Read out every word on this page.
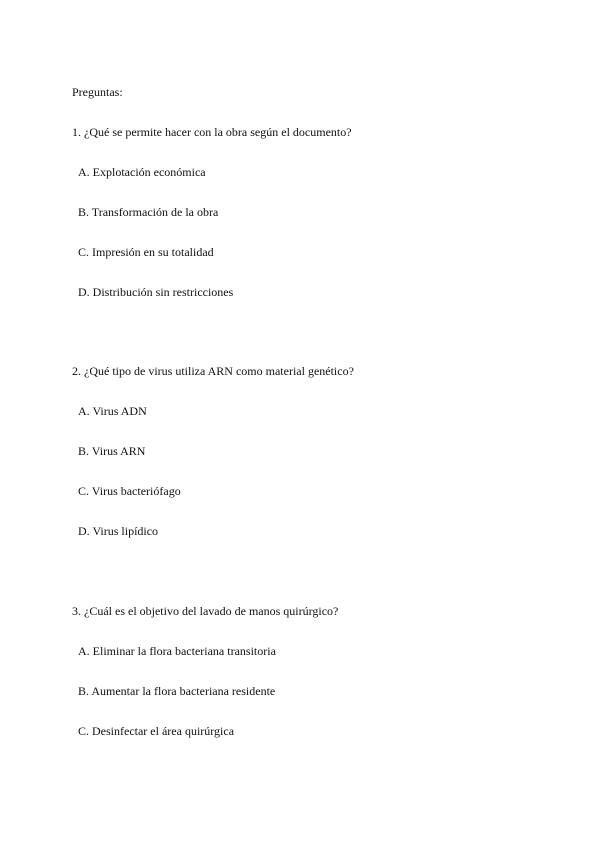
Preguntas:
1. ¿Qué se permite hacer con la obra según el documento?
A. Explotación económica
B. Transformación de la obra
C. Impresión en su totalidad
D. Distribución sin restricciones
2. ¿Qué tipo de virus utiliza ARN como material genético?
A. Virus ADN
B. Virus ARN
C. Virus bacteriófago
D. Virus lipídico
3. ¿Cuál es el objetivo del lavado de manos quirúrgico?
A. Eliminar la flora bacteriana transitoria
B. Aumentar la flora bacteriana residente
C. Desinfectar el área quirúrgica
